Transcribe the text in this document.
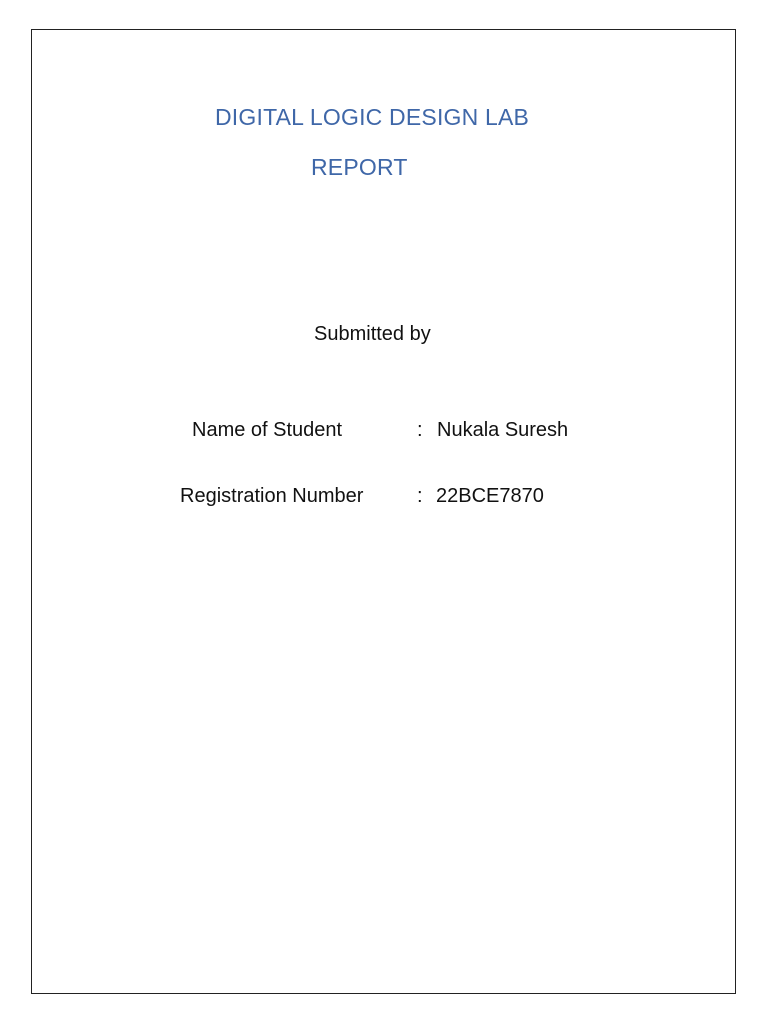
DIGITAL LOGIC DESIGN LAB
REPORT
Submitted by
Name of Student	: Nukala Suresh
Registration Number	: 22BCE7870
